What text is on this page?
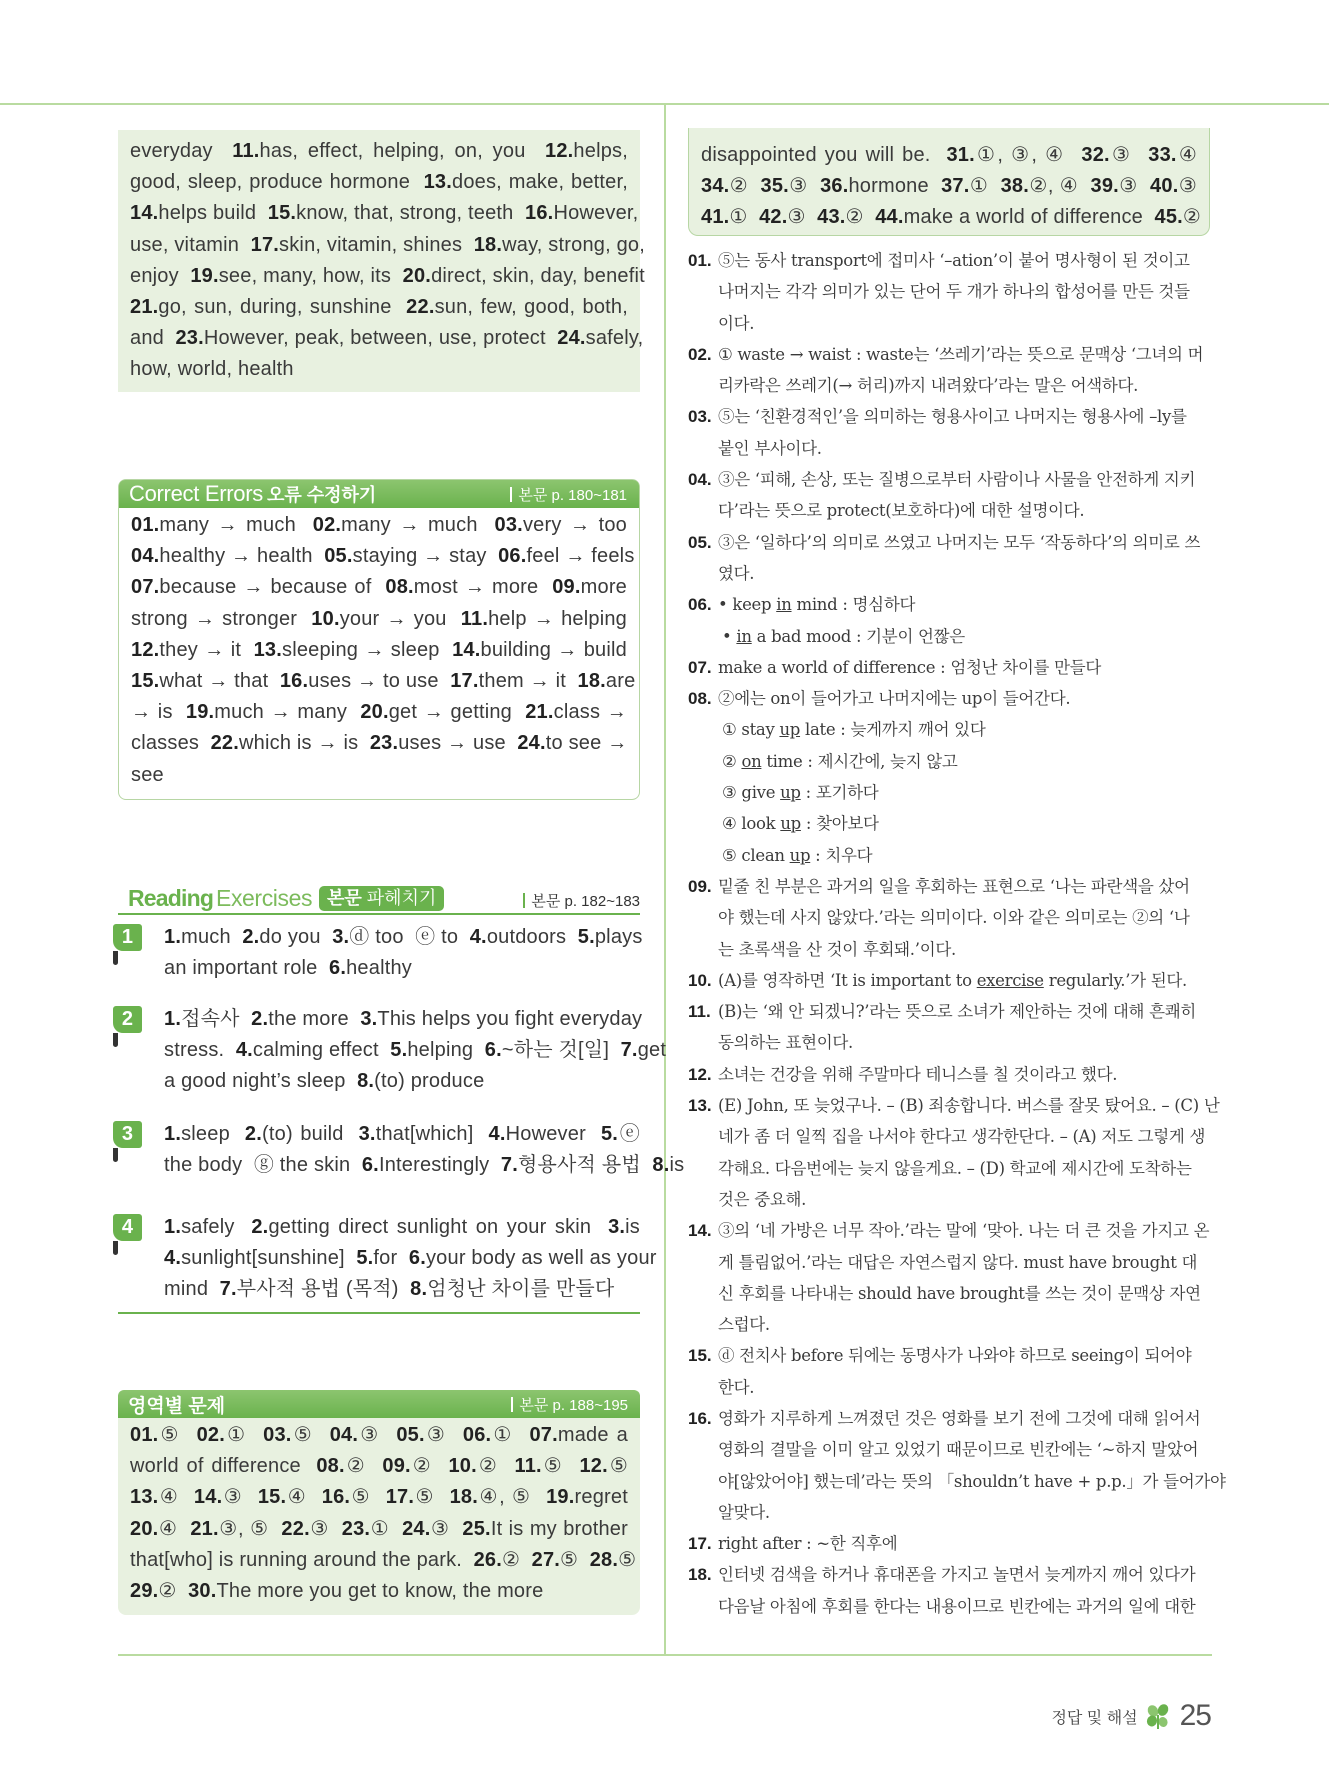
everyday  11.has, effect, helping, on, you  12.helps,
good, sleep, produce hormone  13.does, make, better,
14.helps build  15.know, that, strong, teeth  16.However,
use, vitamin  17.skin, vitamin, shines  18.way, strong, go,
enjoy  19.see, many, how, its  20.direct, skin, day, benefit
21.go, sun, during, sunshine  22.sun, few, good, both,
and  23.However, peak, between, use, protect  24.safely,
how, world, health
Correct Errors 오류 수정하기	본문 p. 180~181
01.many → much  02.many → much  03.very → too
04.healthy → health  05.staying → stay  06.feel → feels
07.because → because of  08.most → more  09.more
strong → stronger  10.your → you  11.help → helping
12.they → it  13.sleeping → sleep  14.building → build
15.what → that  16.uses → to use  17.them → it  18.are
→ is  19.much → many  20.get → getting  21.class →
classes  22.which is → is  23.uses → use  24.to see →
see
Reading Exercises 본문 파헤치기	본문 p. 182~183
1	1.much  2.do you  3.ⓓ too  ⓔ to  4.outdoors  5.plays
an important role  6.healthy
2	1.접속사  2.the more  3.This helps you fight everyday
stress.  4.calming effect  5.helping  6.~하는 것[일]  7.get
a good night’s sleep  8.(to) produce
3	1.sleep  2.(to) build  3.that[which]  4.However  5.ⓔ
the body  ⓖ the skin  6.Interestingly  7.형용사적 용법  8.is
4	1.safely  2.getting direct sunlight on your skin  3.is
4.sunlight[sunshine]  5.for  6.your body as well as your
mind  7.부사적 용법 (목적)  8.엄청난 차이를 만들다
영역별 문제	본문 p. 188~195
01.⑤  02.①  03.⑤  04.③  05.③  06.①  07.made a
world of difference  08.②  09.②  10.②  11.⑤  12.⑤
13.④  14.③  15.④  16.⑤  17.⑤  18.④, ⑤  19.regret
20.④  21.③, ⑤  22.③  23.①  24.③  25.It is my brother
that[who] is running around the park.  26.②  27.⑤  28.⑤
29.②  30.The more you get to know, the more
disappointed you will be.  31.①, ③, ④  32.③  33.④
34.②  35.③  36.hormone  37.①  38.②, ④  39.③  40.③
41.①  42.③  43.②  44.make a world of difference  45.②
01. ⑤는 동사 transport에 접미사 ‘–ation’이 붙어 명사형이 된 것이고
나머지는 각각 의미가 있는 단어 두 개가 하나의 합성어를 만든 것들
이다.
02. ① waste → waist : waste는 ‘쓰레기’라는 뜻으로 문맥상 ‘그녀의 머
리카락은 쓰레기(→ 허리)까지 내려왔다’라는 말은 어색하다.
03. ⑤는 ‘친환경적인’을 의미하는 형용사이고 나머지는 형용사에 –ly를
붙인 부사이다.
04. ③은 ‘피해, 손상, 또는 질병으로부터 사람이나 사물을 안전하게 지키
다’라는 뜻으로 protect(보호하다)에 대한 설명이다.
05. ③은 ‘일하다’의 의미로 쓰였고 나머지는 모두 ‘작동하다’의 의미로 쓰
였다.
06. • keep in mind : 명심하다
• in a bad mood : 기분이 언짢은
07. make a world of difference : 엄청난 차이를 만들다
08. ②에는 on이 들어가고 나머지에는 up이 들어간다.
① stay up late : 늦게까지 깨어 있다
② on time : 제시간에, 늦지 않고
③ give up : 포기하다
④ look up : 찾아보다
⑤ clean up : 치우다
09. 밑줄 친 부분은 과거의 일을 후회하는 표현으로 ‘나는 파란색을 샀어
야 했는데 사지 않았다.’라는 의미이다. 이와 같은 의미로는 ②의 ‘나
는 초록색을 산 것이 후회돼.’이다.
10. (A)를 영작하면 ‘It is important to exercise regularly.’가 된다.
11. (B)는 ‘왜 안 되겠니?’라는 뜻으로 소녀가 제안하는 것에 대해 흔쾌히
동의하는 표현이다.
12. 소녀는 건강을 위해 주말마다 테니스를 칠 것이라고 했다.
13. (E) John, 또 늦었구나. – (B) 죄송합니다. 버스를 잘못 탔어요. – (C) 난
네가 좀 더 일찍 집을 나서야 한다고 생각한단다. – (A) 저도 그렇게 생
각해요. 다음번에는 늦지 않을게요. – (D) 학교에 제시간에 도착하는
것은 중요해.
14. ③의 ‘네 가방은 너무 작아.’라는 말에 ‘맞아. 나는 더 큰 것을 가지고 온
게 틀림없어.’라는 대답은 자연스럽지 않다. must have brought 대
신 후회를 나타내는 should have brought를 쓰는 것이 문맥상 자연
스럽다.
15. ⓓ 전치사 before 뒤에는 동명사가 나와야 하므로 seeing이 되어야
한다.
16. 영화가 지루하게 느껴졌던 것은 영화를 보기 전에 그것에 대해 읽어서
영화의 결말을 이미 알고 있었기 때문이므로 빈칸에는 ‘~하지 말았어
야[않았어야] 했는데’라는 뜻의 「shouldn’t have + p.p.」가 들어가야
알맞다.
17. right after : ~한 직후에
18. 인터넷 검색을 하거나 휴대폰을 가지고 놀면서 늦게까지 깨어 있다가
다음날 아침에 후회를 한다는 내용이므로 빈칸에는 과거의 일에 대한
정답 및 해설 25
